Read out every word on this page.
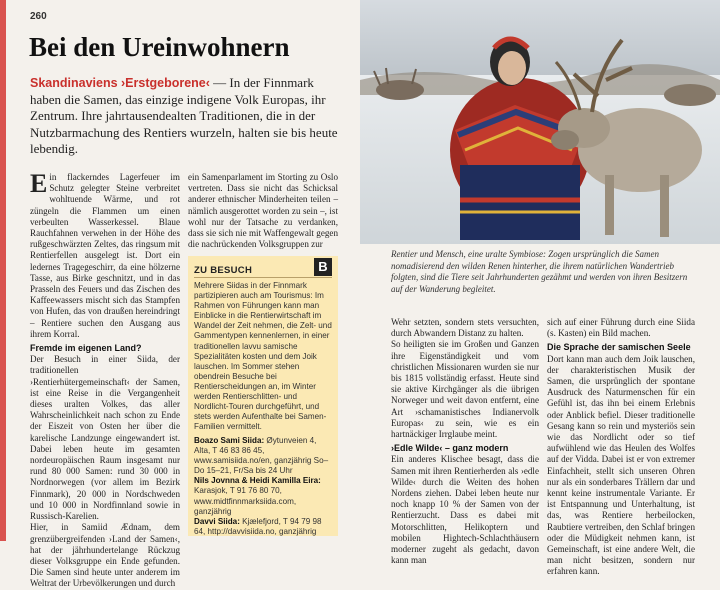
260
Bei den Ureinwohnern

Skandinaviens ›Erstgeborene‹ — In der Finnmark haben die Samen, das einzige indigene Volk Europas, ihr Zentrum. Ihre jahrtausendealten Traditionen, die in der Nutzbarmachung des Rentiers wurzeln, halten sie bis heute lebendig.

Ein flackerndes Lagerfeuer im Schutz gelegter Steine verbreitet wohltuende Wärme, und rot züngeln die Flammen um einen verbeulten Wasserkessel. Blaue Rauchfahnen verwehen in der Höhe des rußgeschwärzten Zeltes, das ringsum mit Rentierfellen ausgelegt ist. Dort ein ledernes Tragegeschirr, da eine hölzerne Tasse, aus Birke geschnitzt, und in das Prasseln des Feuers und das Zischen des Kaffeewassers mischt sich das Stampfen von Hufen, das von draußen hereindringt – Rentiere suchen den Ausgang aus ihrem Korral.

Fremde im eigenen Land?

Der Besuch in einer Siida, der traditionellen ›Rentierhütergemeinschaft‹ der Samen, ist eine Reise in die Vergangenheit dieses uralten Volkes, das aller Wahrscheinlichkeit nach schon zu Ende der Eiszeit von Osten her über die karelische Landzunge eingewandert ist. Dabei leben heute im gesamten nordeuropäischen Raum insgesamt nur rund 80 000 Samen: rund 30 000 in Nordnorwegen (vor allem im Bezirk Finnmark), 20 000 in Nordschweden und 10 000 in Nordfinnland sowie in Russisch-Karelien.

Hier, in Samiid Ædnam, dem grenzübergreifenden ›Land der Samen‹, hat der jährhundertelange Rückzug dieser Volksgruppe ein Ende gefunden. Die Samen sind heute unter anderem im Weltrat der Urbevölkerungen und durch

ein Samenparlament im Storting zu Oslo vertreten. Dass sie nicht das Schicksal anderer ethnischer Minderheiten teilen – nämlich ausgerottet worden zu sein –, ist wohl nur der Tatsache zu verdanken, dass sie sich nie mit Waffengewalt gegen die nachrückenden Volksgruppen zur

ZU BESUCH	B

Mehrere Siidas in der Finnmark partizipieren auch am Tourismus: Im Rahmen von Führungen kann man Einblicke in die Rentierwirtschaft im Wandel der Zeit nehmen, die Zelt- und Gammentypen kennenlernen, in einer traditionellen lavvu samische Spezialitäten kosten und dem Joik lauschen. Im Sommer stehen obendrein Besuche bei Rentierscheidungen an, im Winter werden Rentierschlitten- und Nordlicht-Touren durchgeführt, und stets werden Aufenthalte bei Samen-Familien vermittelt.

Boazo Sami Siida: Øytunveien 4, Alta, T 46 83 86 45, www.samisiida.no/en, ganzjährig So–Do 15–21, Fr/Sa bis 24 Uhr
Nils Jovnna & Heidi Kamilla Eira: Karasjok, T 91 76 80 70, www.midtfinnmarksiida.com, ganzjährig
Davvi Siida: Kjælefjord, T 94 79 98 64, http://davvisiida.no, ganzjährig

Rentier und Mensch, eine uralte Symbiose: Zogen ursprünglich die Samen nomadisierend den wilden Renen hinterher, die ihrem natürlichen Wandertrieb folgten, sind die Tiere seit Jahrhunderten gezähmt und werden von ihren Besitzern auf der Wanderung begleitet.

Wehr setzten, sondern stets versuchten, durch Abwandern Distanz zu halten.

So heiligten sie im Großen und Ganzen ihre Eigenständigkeit und vom christlichen Missionaren wurden sie nur bis 1815 vollständig erfasst. Heute sind sie aktive Kirchgänger als die übrigen Norweger und weit davon entfernt, eine Art ›schamanistisches Indianervolk Europas‹ zu sein, wie es ein hartnäckiger Irrglaube meint.

›Edle Wilde‹ – ganz modern

Ein anderes Klischee besagt, dass die Samen mit ihren Rentierherden als ›edle Wilde‹ durch die Weiten des hohen Nordens ziehen. Dabei leben heute nur noch knapp 10 % der Samen von der Rentierzucht. Dass es dabei mit Motorschlitten, Helikoptern und mobilen Hightech-Schlachthäusern moderner zugeht als gedacht, davon kann man

sich auf einer Führung durch eine Siida (s. Kasten) ein Bild machen.

Die Sprache der samischen Seele

Dort kann man auch dem Joik lauschen, der charakteristischen Musik der Samen, die ursprünglich der spontane Ausdruck des Naturmenschen für ein Gefühl ist, das ihn bei einem Erlebnis oder Anblick befiel. Dieser traditionelle Gesang kann so rein und mysteriös sein wie das Nordlicht oder so tief aufwühlend wie das Heulen des Wolfes auf der Vidda. Dabei ist er von extremer Einfachheit, stellt sich unseren Ohren nur als ein sonderbares Trällern dar und kennt keine instrumentale Variante. Er ist Entspannung und Unterhaltung, ist das, was Rentiere herbeilocken, Raubtiere vertreiben, den Schlaf bringen oder die Müdigkeit nehmen kann, ist Gemeinschaft, ist eine andere Welt, die man nicht besitzen, sondern nur erfahren kann.
